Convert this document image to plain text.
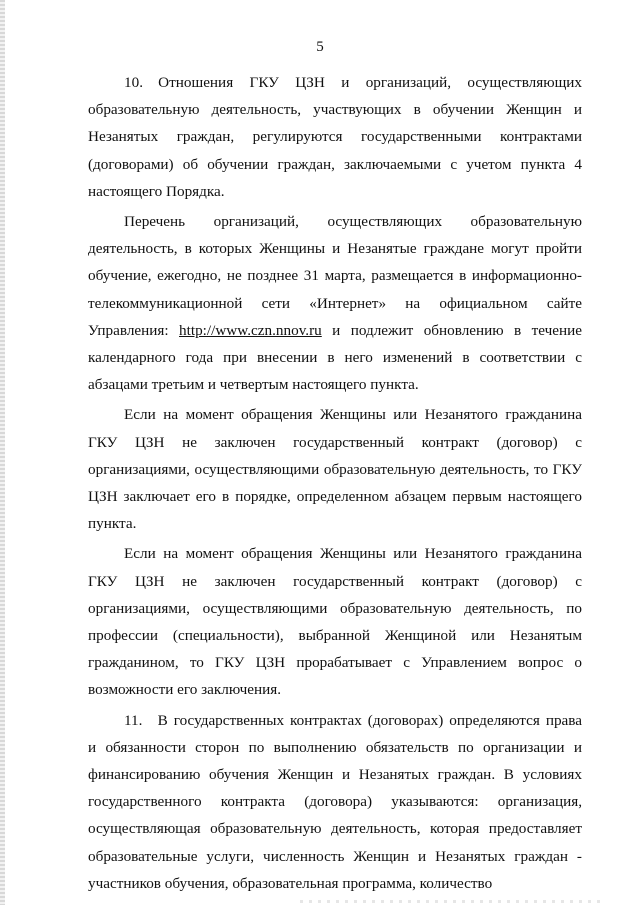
5

10. Отношения ГКУ ЦЗН и организаций, осуществляющих образовательную деятельность, участвующих в обучении Женщин и Незанятых граждан, регулируются государственными контрактами (договорами) об обучении граждан, заключаемыми с учетом пункта 4 настоящего Порядка.

Перечень организаций, осуществляющих образовательную деятельность, в которых Женщины и Незанятые граждане могут пройти обучение, ежегодно, не позднее 31 марта, размещается в информационно-телекоммуникационной сети «Интернет» на официальном сайте Управления: http://www.czn.nnov.ru и подлежит обновлению в течение календарного года при внесении в него изменений в соответствии с абзацами третьим и четвертым настоящего пункта.

Если на момент обращения Женщины или Незанятого гражданина ГКУ ЦЗН не заключен государственный контракт (договор) с организациями, осуществляющими образовательную деятельность, то ГКУ ЦЗН заключает его в порядке, определенном абзацем первым настоящего пункта.

Если на момент обращения Женщины или Незанятого гражданина ГКУ ЦЗН не заключен государственный контракт (договор) с организациями, осуществляющими образовательную деятельность, по профессии (специальности), выбранной Женщиной или Незанятым гражданином, то ГКУ ЦЗН прорабатывает с Управлением вопрос о возможности его заключения.

11. В государственных контрактах (договорах) определяются права и обязанности сторон по выполнению обязательств по организации и финансированию обучения Женщин и Незанятых граждан. В условиях государственного контракта (договора) указываются: организация, осуществляющая образовательную деятельность, которая предоставляет образовательные услуги, численность Женщин и Незанятых граждан - участников обучения, образовательная программа, количество
